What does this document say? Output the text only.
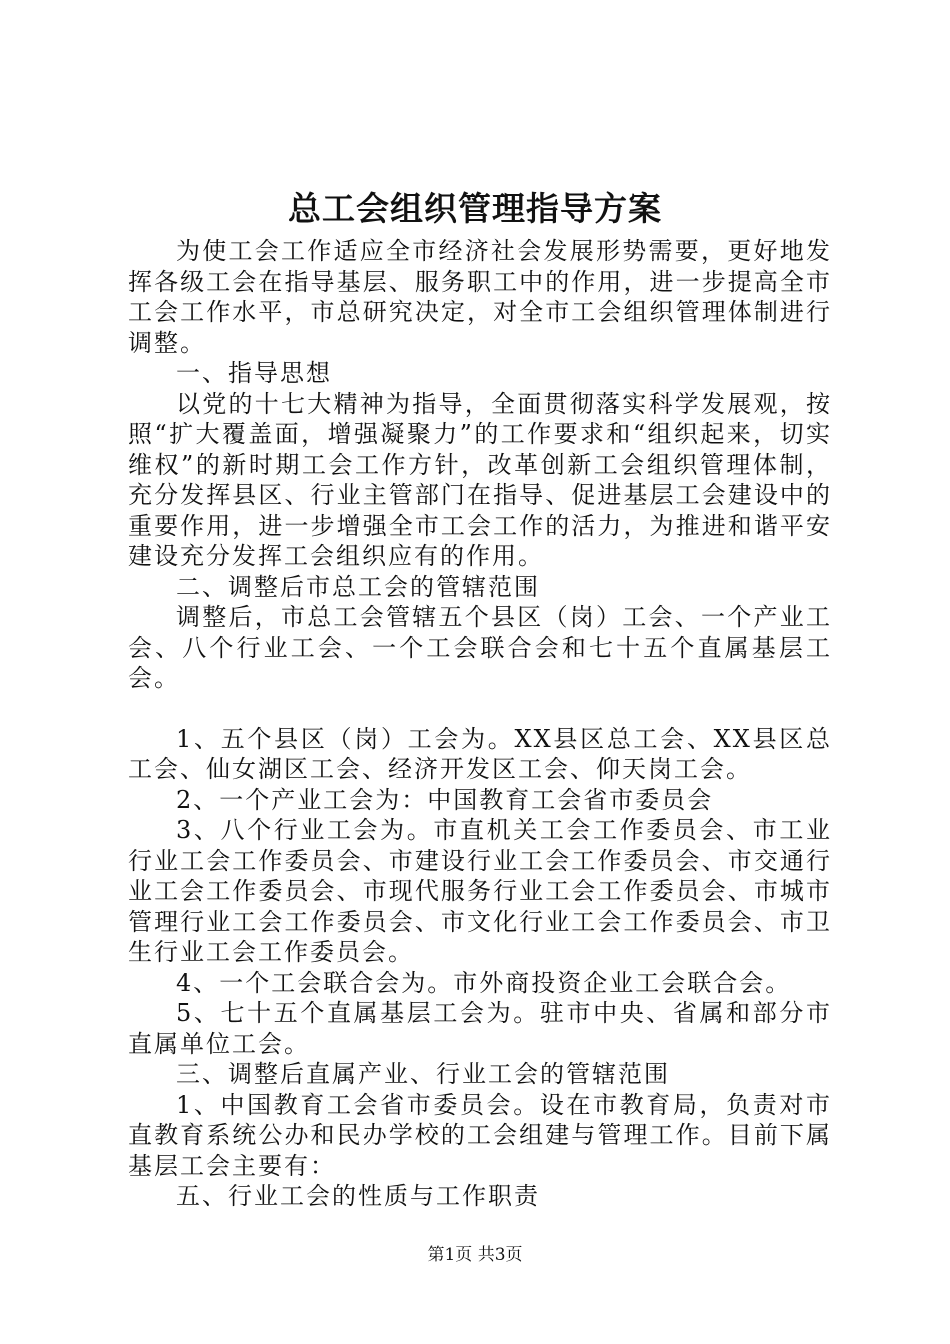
总工会组织管理指导方案

为使工会工作适应全市经济社会发展形势需要，更好地发挥各级工会在指导基层、服务职工中的作用，进一步提高全市工会工作水平，市总研究决定，对全市工会组织管理体制进行调整。

一、指导思想

以党的十七大精神为指导，全面贯彻落实科学发展观，按照“扩大覆盖面，增强凝聚力”的工作要求和“组织起来，切实维权”的新时期工会工作方针，改革创新工会组织管理体制，充分发挥县区、行业主管部门在指导、促进基层工会建设中的重要作用，进一步增强全市工会工作的活力，为推进和谐平安建设充分发挥工会组织应有的作用。

二、调整后市总工会的管辖范围

调整后，市总工会管辖五个县区（岗）工会、一个产业工会、八个行业工会、一个工会联合会和七十五个直属基层工会。

1、五个县区（岗）工会为。XX县区总工会、XX县区总工会、仙女湖区工会、经济开发区工会、仰天岗工会。

2、一个产业工会为：中国教育工会省市委员会

3、八个行业工会为。市直机关工会工作委员会、市工业行业工会工作委员会、市建设行业工会工作委员会、市交通行业工会工作委员会、市现代服务行业工会工作委员会、市城市管理行业工会工作委员会、市文化行业工会工作委员会、市卫生行业工会工作委员会。

4、一个工会联合会为。市外商投资企业工会联合会。

5、七十五个直属基层工会为。驻市中央、省属和部分市直属单位工会。

三、调整后直属产业、行业工会的管辖范围

1、中国教育工会省市委员会。设在市教育局，负责对市直教育系统公办和民办学校的工会组建与管理工作。目前下属基层工会主要有：

五、行业工会的性质与工作职责

第1页 共3页
